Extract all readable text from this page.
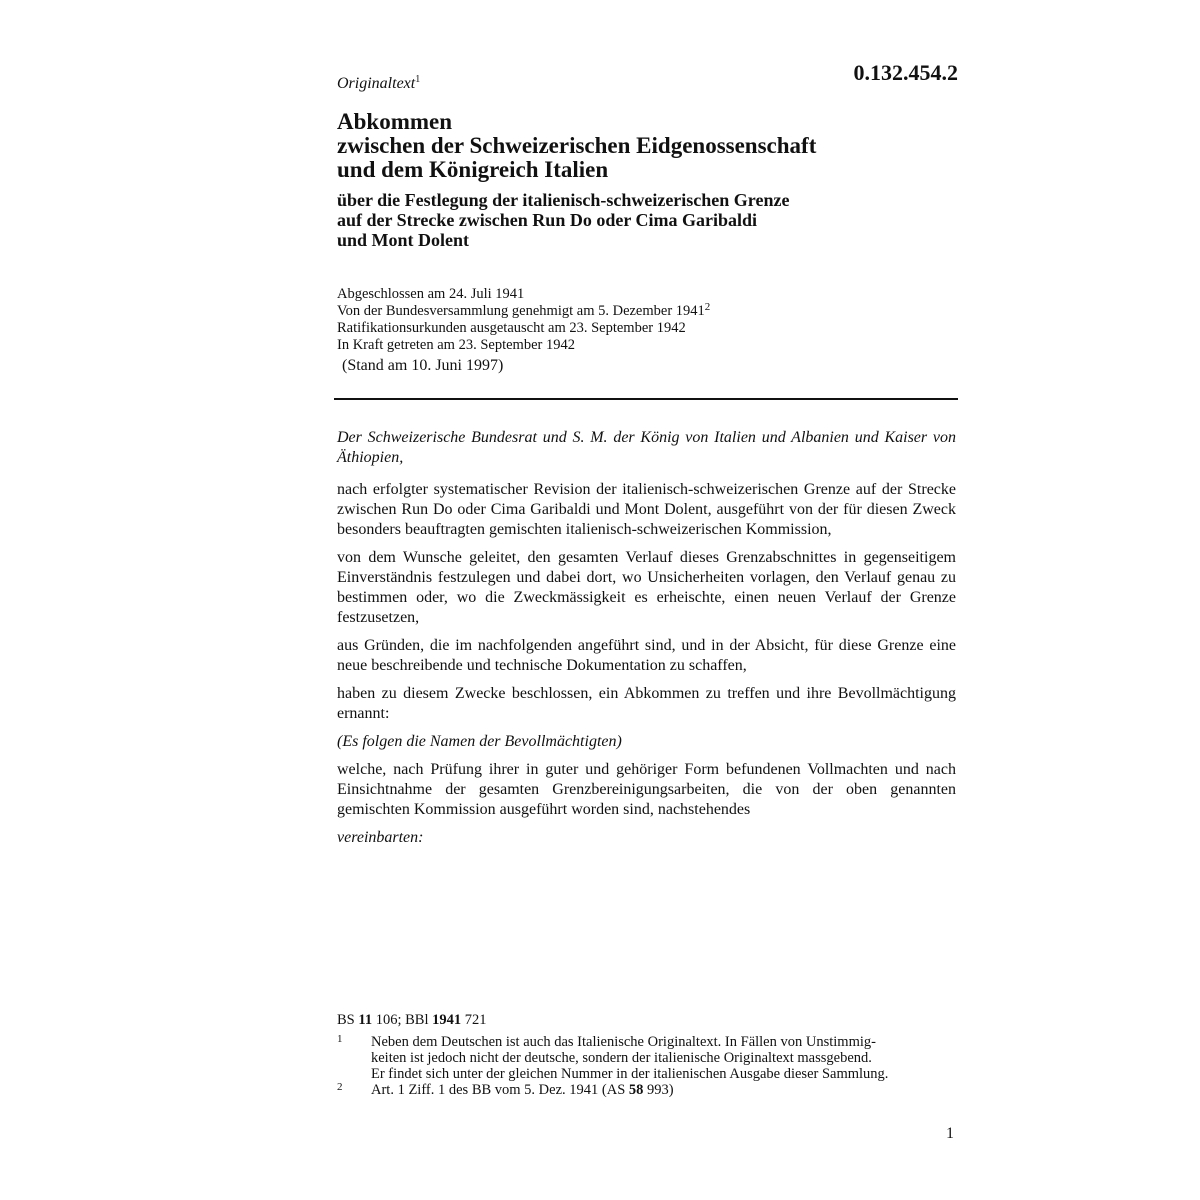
Originaltext$^1$	0.132.454.2
Abkommen
zwischen der Schweizerischen Eidgenossenschaft
und dem Königreich Italien
über die Festlegung der italienisch-schweizerischen Grenze
auf der Strecke zwischen Run Do oder Cima Garibaldi
und Mont Dolent
Abgeschlossen am 24. Juli 1941
Von der Bundesversammlung genehmigt am 5. Dezember 1941$^2$
Ratifikationsurkunden ausgetauscht am 23. September 1942
In Kraft getreten am 23. September 1942
(Stand am 10. Juni 1997)

Der Schweizerische Bundesrat und S. M. der König von Italien und Albanien und Kaiser von Äthiopien,

nach erfolgter systematischer Revision der italienisch-schweizerischen Grenze auf der Strecke zwischen Run Do oder Cima Garibaldi und Mont Dolent, ausgeführt von der für diesen Zweck besonders beauftragten gemischten italienisch-schweizerischen Kommission,

von dem Wunsche geleitet, den gesamten Verlauf dieses Grenzabschnittes in gegenseitigem Einverständnis festzulegen und dabei dort, wo Unsicherheiten vorlagen, den Verlauf genau zu bestimmen oder, wo die Zweckmässigkeit es erheischte, einen neuen Verlauf der Grenze festzusetzen,

aus Gründen, die im nachfolgenden angeführt sind, und in der Absicht, für diese Grenze eine neue beschreibende und technische Dokumentation zu schaffen,

haben zu diesem Zwecke beschlossen, ein Abkommen zu treffen und ihre Bevollmächtigung ernannt:

(Es folgen die Namen der Bevollmächtigten)

welche, nach Prüfung ihrer in guter und gehöriger Form befundenen Vollmachten und nach Einsichtnahme der gesamten Grenzbereinigungsarbeiten, die von der oben genannten gemischten Kommission ausgeführt worden sind, nachstehendes

vereinbarten:

BS 11 106; BBl 1941 721
1 Neben dem Deutschen ist auch das Italienische Originaltext. In Fällen von Unstimmig-
keiten ist jedoch nicht der deutsche, sondern der italienische Originaltext massgebend.
Er findet sich unter der gleichen Nummer in der italienischen Ausgabe dieser Sammlung.
2 Art. 1 Ziff. 1 des BB vom 5. Dez. 1941 (AS 58 993)
1
